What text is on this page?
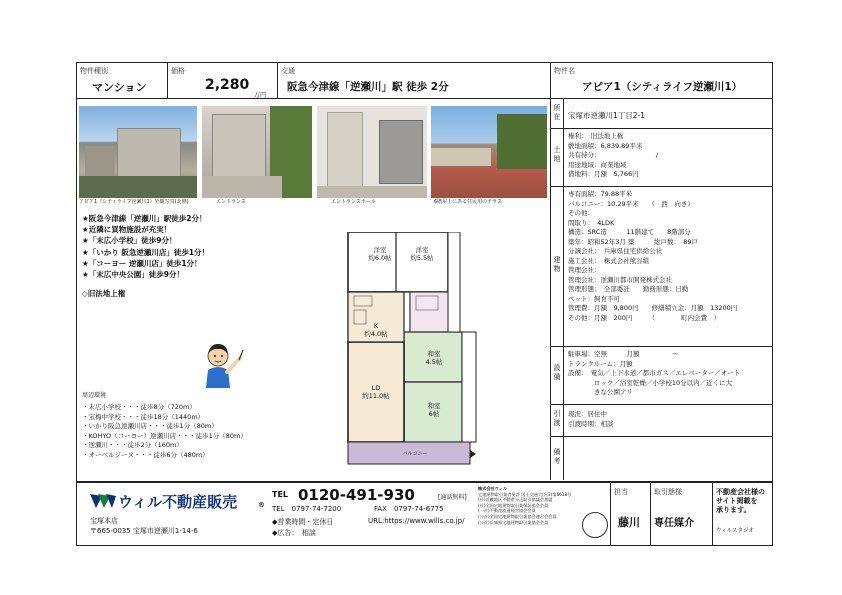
物件種別
マンション
価格
2,280
万円
交通
阪急今津線「逆瀬川」駅 徒歩 2分
物件名
アピア1（シティライフ逆瀬川1）
アピア1（シティライフ逆瀬川1）外観写真(北側)	エントランス	エントランスホール	6階屋上にある住民用のテラス
★阪急今津線「逆瀬川」駅徒歩2分！
★近隣に買物施設が充実！
★「末広小学校」徒歩9分！
★「いかり 阪急逆瀬川店」徒歩1分！
★「コーヨー 逆瀬川店」徒歩1分！
★「末広中央公園」徒歩9分！
◇旧法地上権
周辺環境
・末広小学校・・・徒歩8分（720m）
・宝梅中学校・・・徒歩18分（1440m）
・いかり阪急逆瀬川店・・・徒歩1分（80m）
・KOHYO（コーヨー）逆瀬川店・・・徒歩1分（80m）
・逆瀬川・・・徒歩2分（160m）
・オーベルジーヌ・・・徒歩6分（480m）
洋室
約6.0帖
洋室
約5.5帖
K
約4.0帖
和室
4.5帖
LD
約11.0帖
和室
6帖
バルコニー
所在 宝塚市逆瀬川1丁目2-1
土地
権利：　旧法地上権
敷地面積：6,839.89平米
共有持分：　　　　　　　　　/
用途地域：商業地域
借地料：月額　5,766円
建物
専有面積：79.88平米
バルコニー：10.29平米　　（　西　向き）
その他：
間取り：　4LDK
構造：SRC造　　　11階建て　　8階部分
築年：昭和52年3月 築　　　総戸数：　89戸
分譲会社：　兵庫県住宅供給公社
施工会社：　株式会社熊谷組
管理会社：
管理会社：逆瀬川都市開発株式会社
管理形態：　全部委託　　勤務形態：日勤
ペット：飼育不可
管理費：月額　9,800円　　修繕積立金：月額　13200円
その他：月額　200円　　　（　　　　町内会費　）
設備
駐車場：空無　　　月額　　　　　〜
トランクルーム：月額
設備：　電気／上下水道／都市ガス／エレベーター／オート
　　　　ロック／浴室乾燥／小学校10分以内／近くに大
　　　　きな公園アリ
引渡
現況：居住中
引渡時期：相談
備考
ウィル不動産販売	®
宝塚本店
〒665-0035 宝塚市逆瀬川1-14-6
TEL 0120-491-930	[通話無料]
TEL　0797-74-7200	FAX　0797-74-6775
◆営業時間・定休日	URL:https://www.wills.co.jp/
◆広告：　相談
株式会社ウィル
宅地建物取引業者免許 国土交通大臣(3)第6618号
(社)近畿地区不動産公正取引協議会加盟
(社)全国宅地建物取引業保証協会会員
(一社)不動産流通経営協会会員
(公社)全国宅地建物取引業協会連合会会員
(公社)兵庫県宅地建物取引業協会会員
担当
藤川
取引態様
専任媒介
不動産会社様の
サイト掲載を
承ります。
ウィルスタジオ
